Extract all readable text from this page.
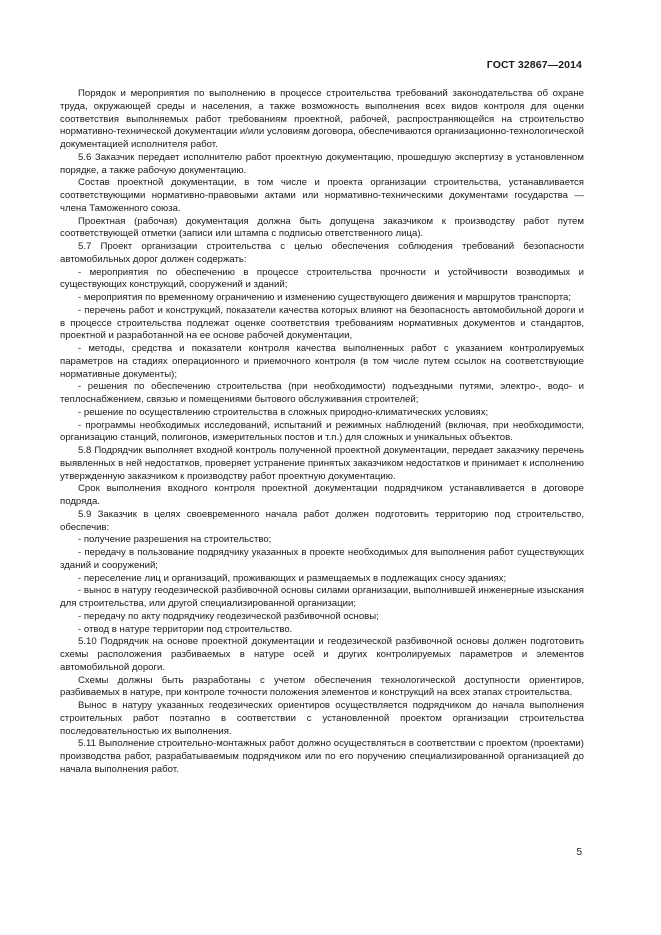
ГОСТ 32867—2014

Порядок и мероприятия по выполнению в процессе строительства требований законодательства об охране труда, окружающей среды и населения, а также возможность выполнения всех видов контроля для оценки соответствия выполняемых работ требованиям проектной, рабочей, распространяющейся на строительство нормативно-технической документации и/или условиям договора, обеспечиваются организационно-технологической документацией исполнителя работ.

5.6 Заказчик передает исполнителю работ проектную документацию, прошедшую экспертизу в установленном порядке, а также рабочую документацию.

Состав проектной документации, в том числе и проекта организации строительства, устанавливается соответствующими нормативно-правовыми актами или нормативно-техническими документами государства — члена Таможенного союза.

Проектная (рабочая) документация должна быть допущена заказчиком к производству работ путем соответствующей отметки (записи или штампа с подписью ответственного лица).

5.7 Проект организации строительства с целью обеспечения соблюдения требований безопасности автомобильных дорог должен содержать:

- мероприятия по обеспечению в процессе строительства прочности и устойчивости возводимых и существующих конструкций, сооружений и зданий;

- мероприятия по временному ограничению и изменению существующего движения и маршрутов транспорта;

- перечень работ и конструкций, показатели качества которых влияют на безопасность автомобильной дороги и в процессе строительства подлежат оценке соответствия требованиям нормативных документов и стандартов, проектной и разработанной на ее основе рабочей документации,

- методы, средства и показатели контроля качества выполненных работ с указанием контролируемых параметров на стадиях операционного и приемочного контроля (в том числе путем ссылок на соответствующие нормативные документы);

- решения по обеспечению строительства (при необходимости) подъездными путями, электро-, водо- и теплоснабжением, связью и помещениями бытового обслуживания строителей;

- решение по осуществлению строительства в сложных природно-климатических условиях;

- программы необходимых исследований, испытаний и режимных наблюдений (включая, при необходимости, организацию станций, полигонов, измерительных постов и т.п.) для сложных и уникальных объектов.

5.8 Подрядчик выполняет входной контроль полученной проектной документации, передает заказчику перечень выявленных в ней недостатков, проверяет устранение принятых заказчиком недостатков и принимает к исполнению утвержденную заказчиком к производству работ проектную документацию.

Срок выполнения входного контроля проектной документации подрядчиком устанавливается в договоре подряда.

5.9 Заказчик в целях своевременного начала работ должен подготовить территорию под строительство, обеспечив:

- получение разрешения на строительство;

- передачу в пользование подрядчику указанных в проекте необходимых для выполнения работ существующих зданий и сооружений;

- переселение лиц и организаций, проживающих и размещаемых в подлежащих сносу зданиях;

- вынос в натуру геодезической разбивочной основы силами организации, выполнившей инженерные изыскания для строительства, или другой специализированной организации;

- передачу по акту подрядчику геодезической разбивочной основы;

- отвод в натуре территории под строительство.

5.10 Подрядчик на основе проектной документации и геодезической разбивочной основы должен подготовить схемы расположения разбиваемых в натуре осей и других контролируемых параметров и элементов автомобильной дороги.

Схемы должны быть разработаны с учетом обеспечения технологической доступности ориентиров, разбиваемых в натуре, при контроле точности положения элементов и конструкций на всех этапах строительства.

Вынос в натуру указанных геодезических ориентиров осуществляется подрядчиком до начала выполнения строительных работ поэтапно в соответствии с установленной проектом организации строительства последовательностью их выполнения.

5.11 Выполнение строительно-монтажных работ должно осуществляться в соответствии с проектом (проектами) производства работ, разрабатываемым подрядчиком или по его поручению специализированной организацией до начала выполнения работ.

5
